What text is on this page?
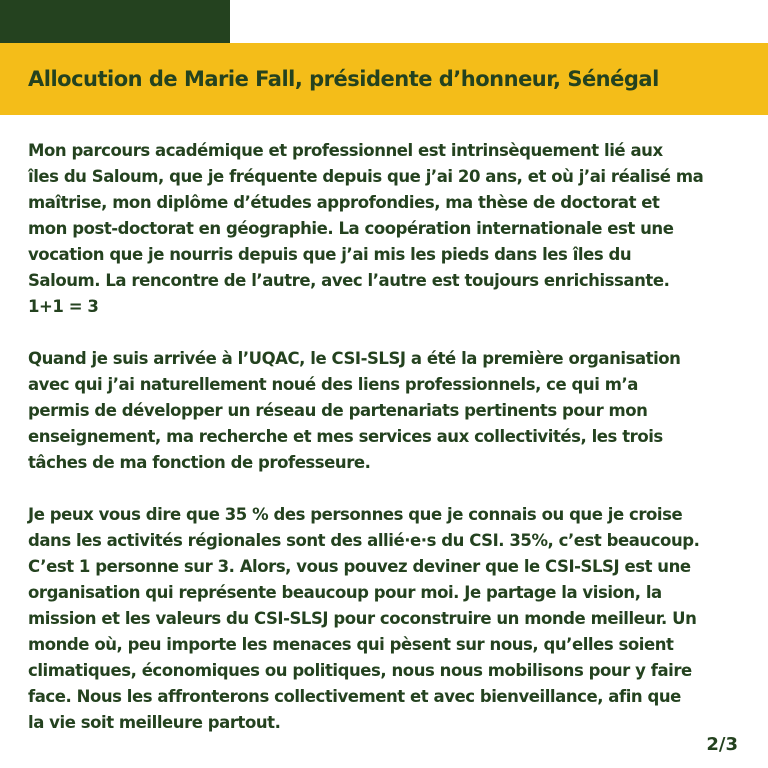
Allocution de Marie Fall, présidente d’honneur, Sénégal

Mon parcours académique et professionnel est intrinsèquement lié aux
îles du Saloum, que je fréquente depuis que j’ai 20 ans, et où j’ai réalisé ma
maîtrise, mon diplôme d’études approfondies, ma thèse de doctorat et
mon post-doctorat en géographie. La coopération internationale est une
vocation que je nourris depuis que j’ai mis les pieds dans les îles du
Saloum. La rencontre de l’autre, avec l’autre est toujours enrichissante.
1+1 = 3

Quand je suis arrivée à l’UQAC, le CSI-SLSJ a été la première organisation
avec qui j’ai naturellement noué des liens professionnels, ce qui m’a
permis de développer un réseau de partenariats pertinents pour mon
enseignement, ma recherche et mes services aux collectivités, les trois
tâches de ma fonction de professeure.

Je peux vous dire que 35 % des personnes que je connais ou que je croise
dans les activités régionales sont des allié·e·s du CSI. 35%, c’est beaucoup.
C’est 1 personne sur 3. Alors, vous pouvez deviner que le CSI-SLSJ est une
organisation qui représente beaucoup pour moi. Je partage la vision, la
mission et les valeurs du CSI-SLSJ pour coconstruire un monde meilleur. Un
monde où, peu importe les menaces qui pèsent sur nous, qu’elles soient
climatiques, économiques ou politiques, nous nous mobilisons pour y faire
face. Nous les affronterons collectivement et avec bienveillance, afin que
la vie soit meilleure partout.

2/3
